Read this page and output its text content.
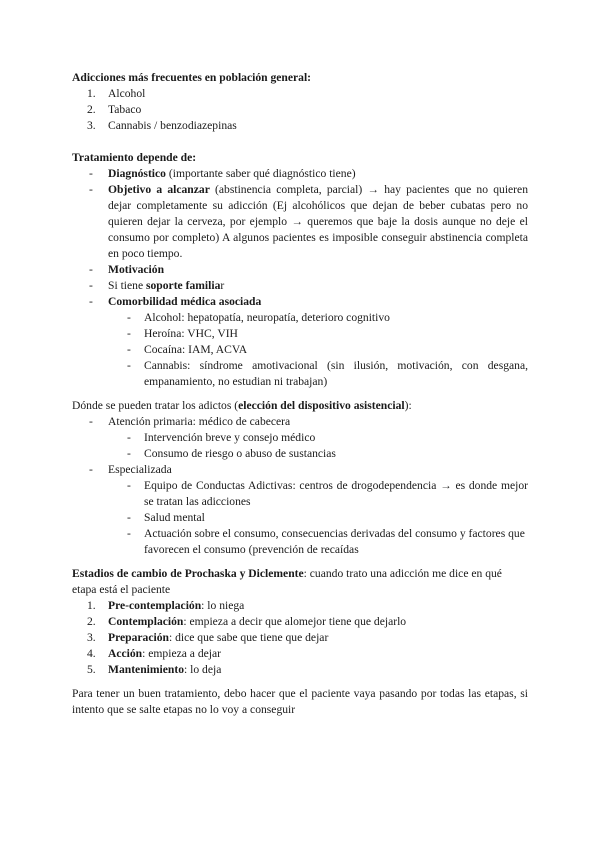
Adicciones más frecuentes en población general:

1.	Alcohol
2.	Tabaco
3.	Cannabis / benzodiazepinas

Tratamiento depende de:

- Diagnóstico (importante saber qué diagnóstico tiene)
- Objetivo a alcanzar (abstinencia completa, parcial) → hay pacientes que no quieren dejar completamente su adicción (Ej alcohólicos que dejan de beber cubatas pero no quieren dejar la cerveza, por ejemplo → queremos que baje la dosis aunque no deje el consumo por completo) A algunos pacientes es imposible conseguir abstinencia completa en poco tiempo.
- Motivación
- Si tiene soporte familiar
- Comorbilidad médica asociada
- Alcohol: hepatopatía, neuropatía, deterioro cognitivo
- Heroína: VHC, VIH
- Cocaína: IAM, ACVA
- Cannabis: síndrome amotivacional (sin ilusión, motivación, con desgana, empanamiento, no estudian ni trabajan)

Dónde se pueden tratar los adictos (elección del dispositivo asistencial):

- Atención primaria: médico de cabecera
- Intervención breve y consejo médico
- Consumo de riesgo o abuso de sustancias
- Especializada
- Equipo de Conductas Adictivas: centros de drogodependencia → es donde mejor se tratan las adicciones
- Salud mental
- Actuación sobre el consumo, consecuencias derivadas del consumo y factores que favorecen el consumo (prevención de recaídas

Estadios de cambio de Prochaska y Diclemente: cuando trato una adicción me dice en qué etapa está el paciente

1.	Pre-contemplación: lo niega
2.	Contemplación: empieza a decir que alomejor tiene que dejarlo
3.	Preparación: dice que sabe que tiene que dejar
4.	Acción: empieza a dejar
5.	Mantenimiento: lo deja

Para tener un buen tratamiento, debo hacer que el paciente vaya pasando por todas las etapas, si intento que se salte etapas no lo voy a conseguir
